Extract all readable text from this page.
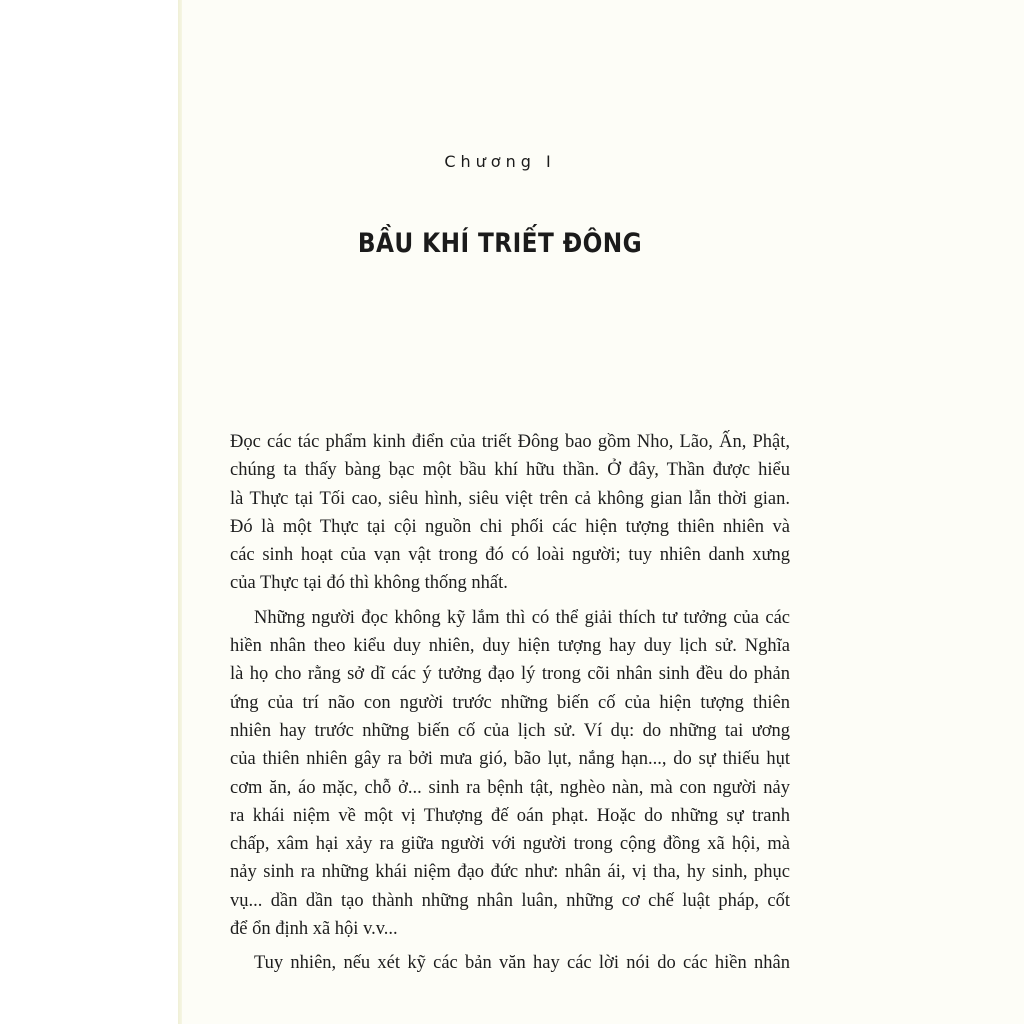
Chương I
BẦU KHÍ TRIẾT ĐÔNG
Đọc các tác phẩm kinh điển của triết Đông bao gồm Nho, Lão, Ấn, Phật,
chúng ta thấy bàng bạc một bầu khí hữu thần. Ở đây, Thần được hiểu
là Thực tại Tối cao, siêu hình, siêu việt trên cả không gian lẫn thời gian.
Đó là một Thực tại cội nguồn chi phối các hiện tượng thiên nhiên và
các sinh hoạt của vạn vật trong đó có loài người; tuy nhiên danh xưng
của Thực tại đó thì không thống nhất.
Những người đọc không kỹ lắm thì có thể giải thích tư tưởng của các
hiền nhân theo kiểu duy nhiên, duy hiện tượng hay duy lịch sử. Nghĩa
là họ cho rằng sở dĩ các ý tưởng đạo lý trong cõi nhân sinh đều do phản
ứng của trí não con người trước những biến cố của hiện tượng thiên
nhiên hay trước những biến cố của lịch sử. Ví dụ: do những tai ương
của thiên nhiên gây ra bởi mưa gió, bão lụt, nắng hạn..., do sự thiếu hụt
cơm ăn, áo mặc, chỗ ở... sinh ra bệnh tật, nghèo nàn, mà con người nảy
ra khái niệm về một vị Thượng đế oán phạt. Hoặc do những sự tranh
chấp, xâm hại xảy ra giữa người với người trong cộng đồng xã hội, mà
nảy sinh ra những khái niệm đạo đức như: nhân ái, vị tha, hy sinh, phục
vụ... dần dần tạo thành những nhân luân, những cơ chế luật pháp, cốt
để ổn định xã hội v.v...
Tuy nhiên, nếu xét kỹ các bản văn hay các lời nói do các hiền nhân
